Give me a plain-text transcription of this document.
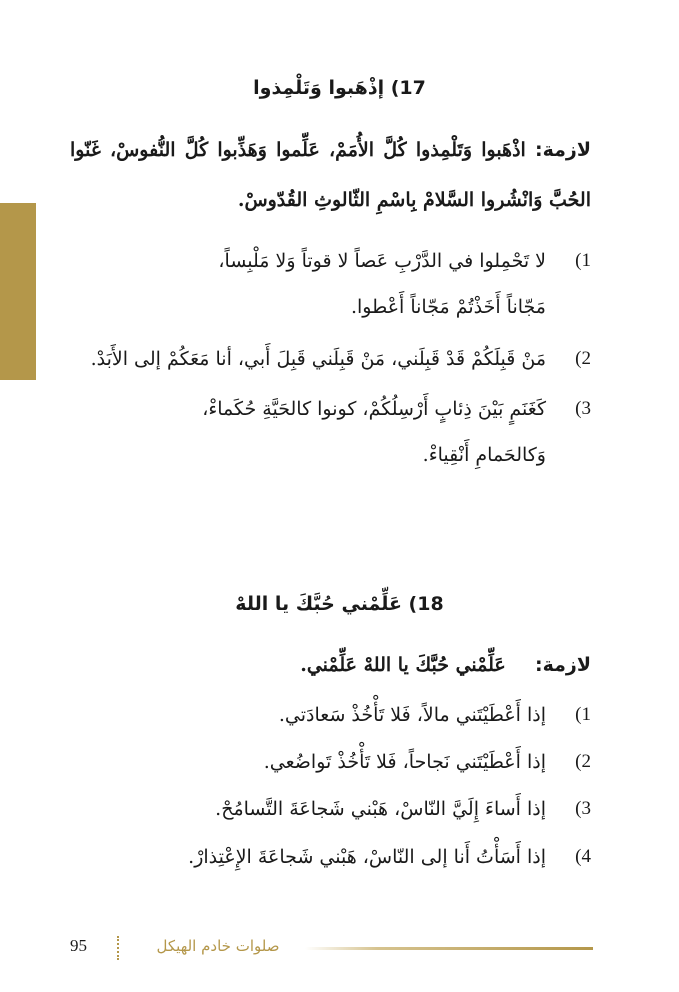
17) إذْهَبوا وَتَلْمِذوا
لازمة: اذْهَبوا وَتَلْمِذوا كُلَّ الأُمَمْ، عَلِّموا وَهَذِّبوا كُلَّ النُّفوسْ، غَنّوا الحُبَّ وَانْشُروا السَّلامْ بِاسْمِ الثّالوثِ القُدّوسْ.
1)
لا تَحْمِلوا في الدَّرْبِ عَصاً لا قوتاً وَلا مَلْبِساً،
مَجّاناً أَخَذْتُمْ مَجّاناً أَعْطوا.
2)
مَنْ قَبِلَكُمْ قَدْ قَبِلَني، مَنْ قَبِلَني قَبِلَ أَبي، أنا مَعَكُمْ إلى الأَبَدْ.
3)
كَغَنَمٍ بَيْنَ ذِئابٍ أَرْسِلُكُمْ، كونوا كالحَيَّةِ حُكَماءْ،
وَكالحَمامِ أَنْقِياءْ.
18) عَلِّمْني حُبَّكَ يا اللهْ
لازمة:  عَلِّمْني حُبَّكَ يا اللهْ عَلِّمْني.
1)
إذا أَعْطَيْتَني مالاً، فَلا تَأْخُذْ سَعادَتي.
2)
إذا أَعْطَيْتَني نَجاحاً، فَلا تَأْخُذْ تَواضُعي.
3)
إذا أَساءَ إِلَيَّ النّاسْ، هَبْني شَجاعَةَ التَّسامُحْ.
4)
إذا أَسَأْتُ أَنا إلى النّاسْ، هَبْني شَجاعَةَ الإِعْتِذارْ.
صلوات خادم الهيكل
95
